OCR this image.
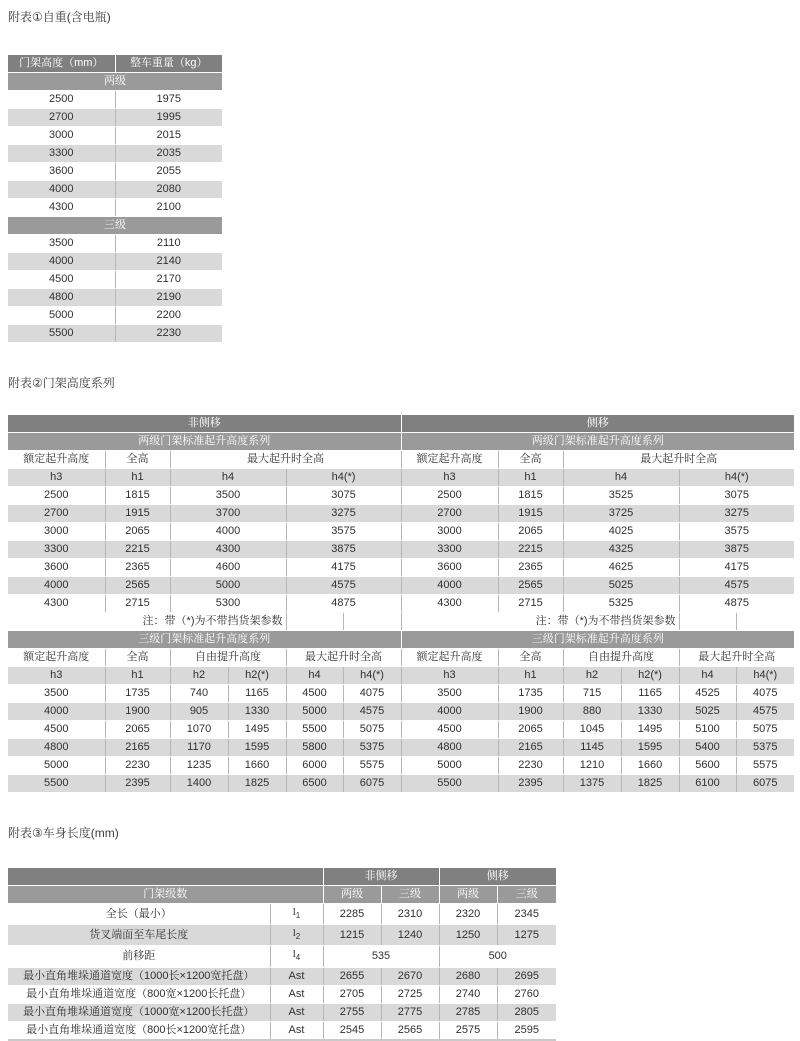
附表①自重(含电瓶)
门架高度（mm）	整车重量（kg）
两级	
2500	1975
2700	1995
3000	2015
3300	2035
3600	2055
4000	2080
4300	2100
三级	
3500	2110
4000	2140
4500	2170
4800	2190
5000	2200
5500	2230
附表②门架高度系列
非侧移						侧移					
两级门架标准起升高度系列						两级门架标准起升高度系列					
额定起升高度	全高	最大起升时全高				额定起升高度	全高	最大起升时全高			
h3	h1	h4		h4(*)		h3	h1	h4		h4(*)	
2500	1815	3500		3075		2500	1815	3525		3075	
2700	1915	3700		3275		2700	1915	3725		3275	
3000	2065	4000		3575		3000	2065	4025		3575	
3300	2215	4300		3875		3300	2215	4325		3875	
3600	2365	4600		4175		3600	2365	4625		4175	
4000	2565	5000		4575		4000	2565	5025		4575	
4300	2715	5300		4875		4300	2715	5325		4875	
注：带（*)为不带挡货架参数						注：带（*)为不带挡货架参数					
三级门架标准起升高度系列						三级门架标准起升高度系列					
额定起升高度	全高	自由提升高度		最大起升时全高		额定起升高度	全高	自由提升高度		最大起升时全高	
h3	h1	h2	h2(*)	h4	h4(*)	h3	h1	h2	h2(*)	h4	h4(*)
3500	1735	740	1165	4500	4075	3500	1735	715	1165	4525	4075
4000	1900	905	1330	5000	4575	4000	1900	880	1330	5025	4575
4500	2065	1070	1495	5500	5075	4500	2065	1045	1495	5100	5075
4800	2165	1170	1595	5800	5375	4800	2165	1145	1595	5400	5375
5000	2230	1235	1660	6000	5575	5000	2230	1210	1660	5600	5575
5500	2395	1400	1825	6500	6075	5500	2395	1375	1825	6100	6075
附表③车身长度(mm)
		非侧移		侧移	
门架级数		两级	三级	两级	三级
全长（最小）	$l_1$	2285	2310	2320	2345
货叉端面至车尾长度	$l_2$	1215	1240	1250	1275
前移距	$l_4$	535		500	
最小直角堆垛通道宽度（1000长×1200宽托盘）	Ast	2655	2670	2680	2695
最小直角堆垛通道宽度（800宽×1200长托盘）	Ast	2705	2725	2740	2760
最小直角堆垛通道宽度（1000宽×1200长托盘）	Ast	2755	2775	2785	2805
最小直角堆垛通道宽度（800长×1200宽托盘）	Ast	2545	2565	2575	2595
